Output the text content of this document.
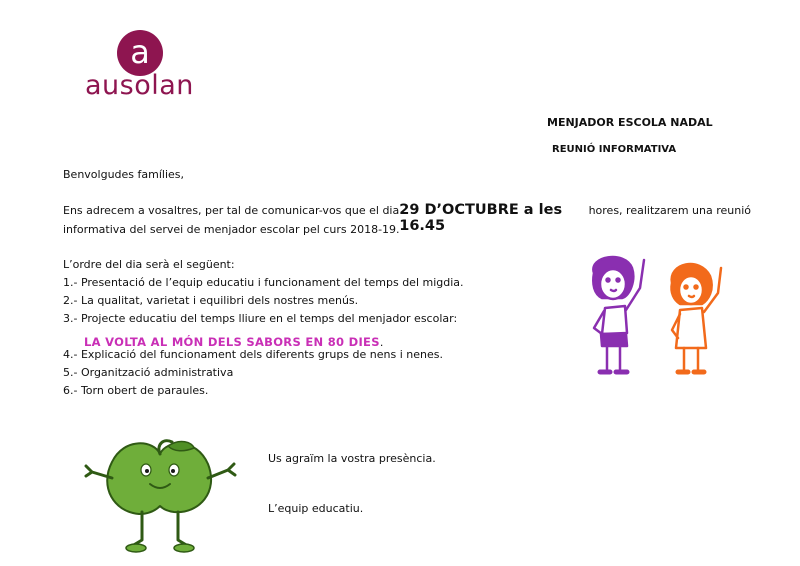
a
ausolan
MENJADOR ESCOLA NADAL
REUNIÓ INFORMATIVA
Benvolgudes famílies,
Ens adrecem a vosaltres, per tal de comunicar-vos que el dia 29 D’OCTUBRE a les 16.45
hores, realitzarem una reunió
informativa del servei de menjador escolar pel curs 2018-19.
L’ordre del dia serà el següent:
1.- Presentació de l’equip educatiu i funcionament del temps del migdia.
2.- La qualitat, varietat i equilibri dels nostres menús.
3.- Projecte educatiu del temps lliure en el temps del menjador escolar:
LA VOLTA AL MÓN DELS SABORS EN 80 DIES.
4.- Explicació del funcionament dels diferents grups de nens i nenes.
5.- Organització administrativa
6.- Torn obert de paraules.
Us agraïm la vostra presència.
L’equip educatiu.
